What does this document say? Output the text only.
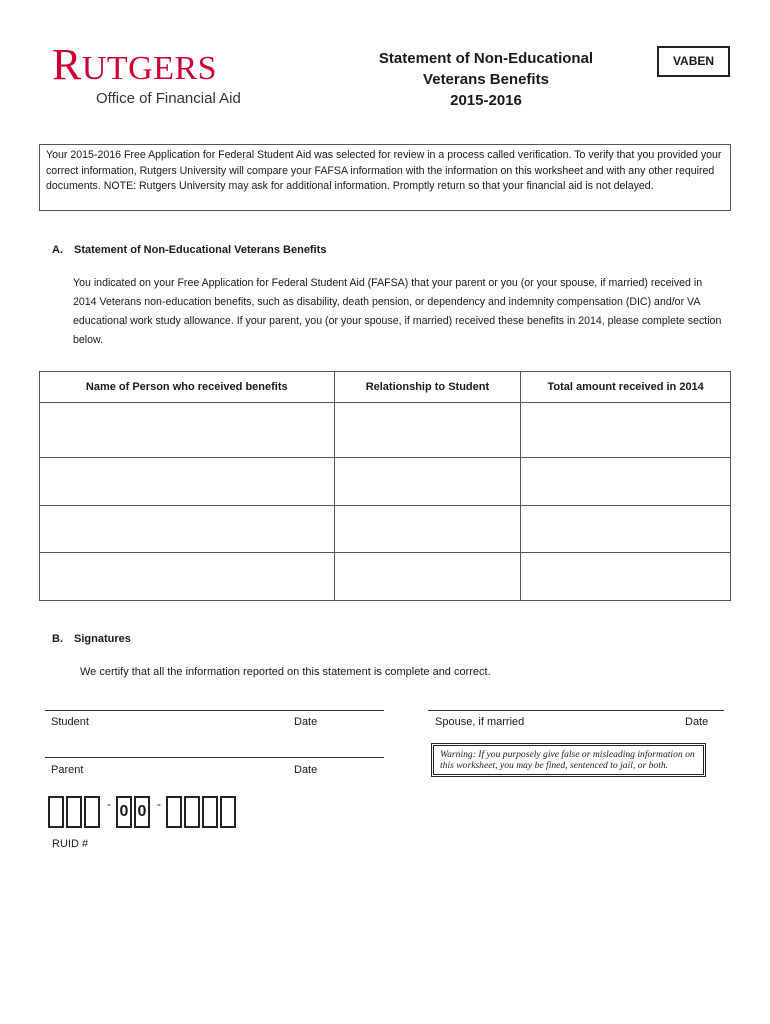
RUTGERS
Office of Financial Aid
Statement of Non-Educational
Veterans Benefits
2015-2016
VABEN
Your 2015-2016 Free Application for Federal Student Aid was selected for review in a process called verification. To verify that you provided your correct information, Rutgers University will compare your FAFSA information with the information on this worksheet and with any other required documents. NOTE: Rutgers University may ask for additional information. Promptly return so that your financial aid is not delayed.
A. Statement of Non-Educational Veterans Benefits
You indicated on your Free Application for Federal Student Aid (FAFSA) that your parent or you (or your spouse, if married) received in 2014 Veterans non-education benefits, such as disability, death pension, or dependency and indemnity compensation (DIC) and/or VA educational work study allowance. If your parent, you (or your spouse, if married) received these benefits in 2014, please complete section below.
Name of Person who received benefits	Relationship to Student	Total amount received in 2014

B. Signatures
We certify that all the information reported on this statement is complete and correct.
Student	Date	Spouse, if married	Date
Parent	Date
Warning: If you purposely give false or misleading information on this worksheet, you may be fined, sentenced to jail, or both.
- 0 0 -
RUID #
